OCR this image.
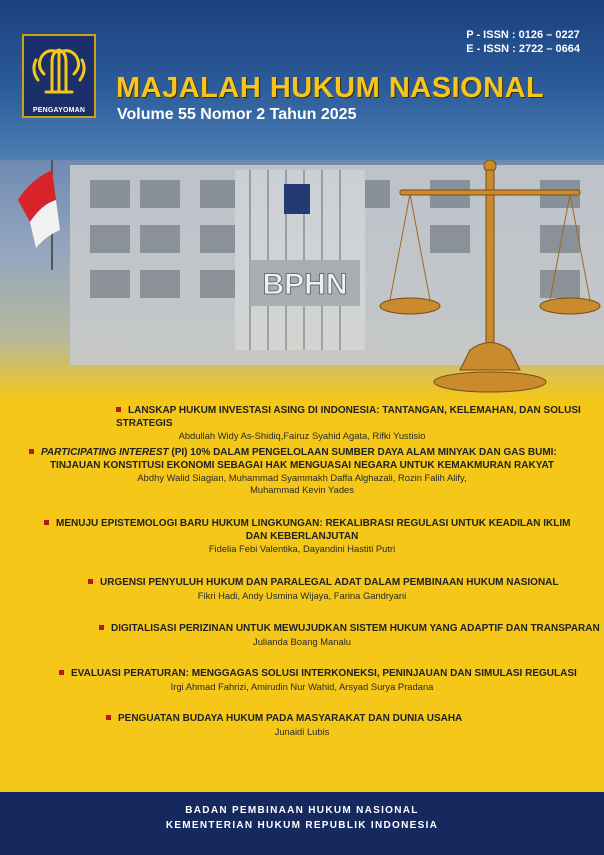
PENGAYOMAN
P - ISSN : 0126 – 0227
E - ISSN : 2722 – 0664
MAJALAH HUKUM NASIONAL
Volume 55 Nomor 2 Tahun 2025
BPHN
LANSKAP HUKUM INVESTASI ASING DI INDONESIA: TANTANGAN, KELEMAHAN, DAN SOLUSI STRATEGIS
Abdullah Widy As-Shidiq,Fairuz Syahid Agata, Rifki Yustisio
PARTICIPATING INTEREST (PI) 10% DALAM PENGELOLAAN SUMBER DAYA ALAM MINYAK DAN GAS BUMI:
TINJAUAN KONSTITUSI EKONOMI SEBAGAI HAK MENGUASAI NEGARA UNTUK KEMAKMURAN RAKYAT
Abdhy Walid Siagian, Muhammad Syammakh Daffa Alghazali, Rozin Falih Alify,
Muhammad Kevin Yades
MENUJU EPISTEMOLOGI BARU HUKUM LINGKUNGAN: REKALIBRASI REGULASI UNTUK KEADILAN IKLIM
DAN KEBERLANJUTAN
Fidelia Febi Valentika, Dayandini Hastiti Putri
URGENSI PENYULUH HUKUM DAN PARALEGAL ADAT DALAM PEMBINAAN HUKUM NASIONAL
Fikri Hadi, Andy Usmina Wijaya, Farina Gandryani
DIGITALISASI PERIZINAN UNTUK MEWUJUDKAN SISTEM HUKUM YANG ADAPTIF DAN TRANSPARAN
Julianda Boang Manalu
EVALUASI PERATURAN: MENGGAGAS SOLUSI INTERKONEKSI, PENINJAUAN DAN SIMULASI REGULASI
Irgi Ahmad Fahrizi, Amirudin Nur Wahid, Arsyad Surya Pradana
PENGUATAN BUDAYA HUKUM PADA MASYARAKAT DAN DUNIA USAHA
Junaidi Lubis
BADAN PEMBINAAN HUKUM NASIONAL
KEMENTERIAN HUKUM REPUBLIK INDONESIA
